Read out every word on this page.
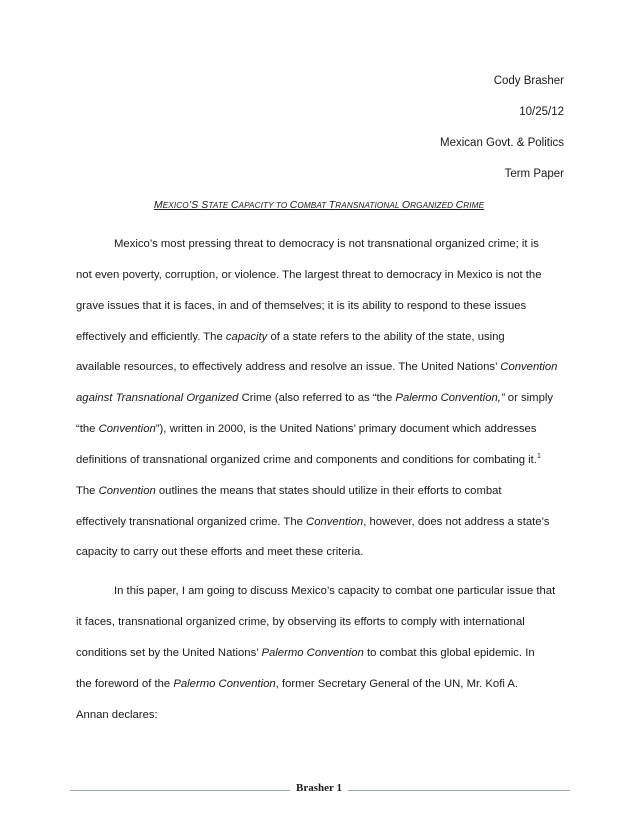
Cody Brasher
10/25/12
Mexican Govt. & Politics
Term Paper
MEXICO’S STATE CAPACITY TO COMBAT TRANSNATIONAL ORGANIZED CRIME
Mexico’s most pressing threat to democracy is not transnational organized crime; it is
not even poverty, corruption, or violence. The largest threat to democracy in Mexico is not the
grave issues that it is faces, in and of themselves; it is its ability to respond to these issues
effectively and efficiently. The capacity of a state refers to the ability of the state, using
available resources, to effectively address and resolve an issue. The United Nations’ Convention
against Transnational Organized Crime (also referred to as “the Palermo Convention,” or simply
“the Convention”), written in 2000, is the United Nations’ primary document which addresses
definitions of transnational organized crime and components and conditions for combating it.$^1$
The Convention outlines the means that states should utilize in their efforts to combat
effectively transnational organized crime. The Convention, however, does not address a state’s
capacity to carry out these efforts and meet these criteria.
In this paper, I am going to discuss Mexico’s capacity to combat one particular issue that
it faces, transnational organized crime, by observing its efforts to comply with international
conditions set by the United Nations’ Palermo Convention to combat this global epidemic. In
the foreword of the Palermo Convention, former Secretary General of the UN, Mr. Kofi A.
Annan declares:
Brasher 1
